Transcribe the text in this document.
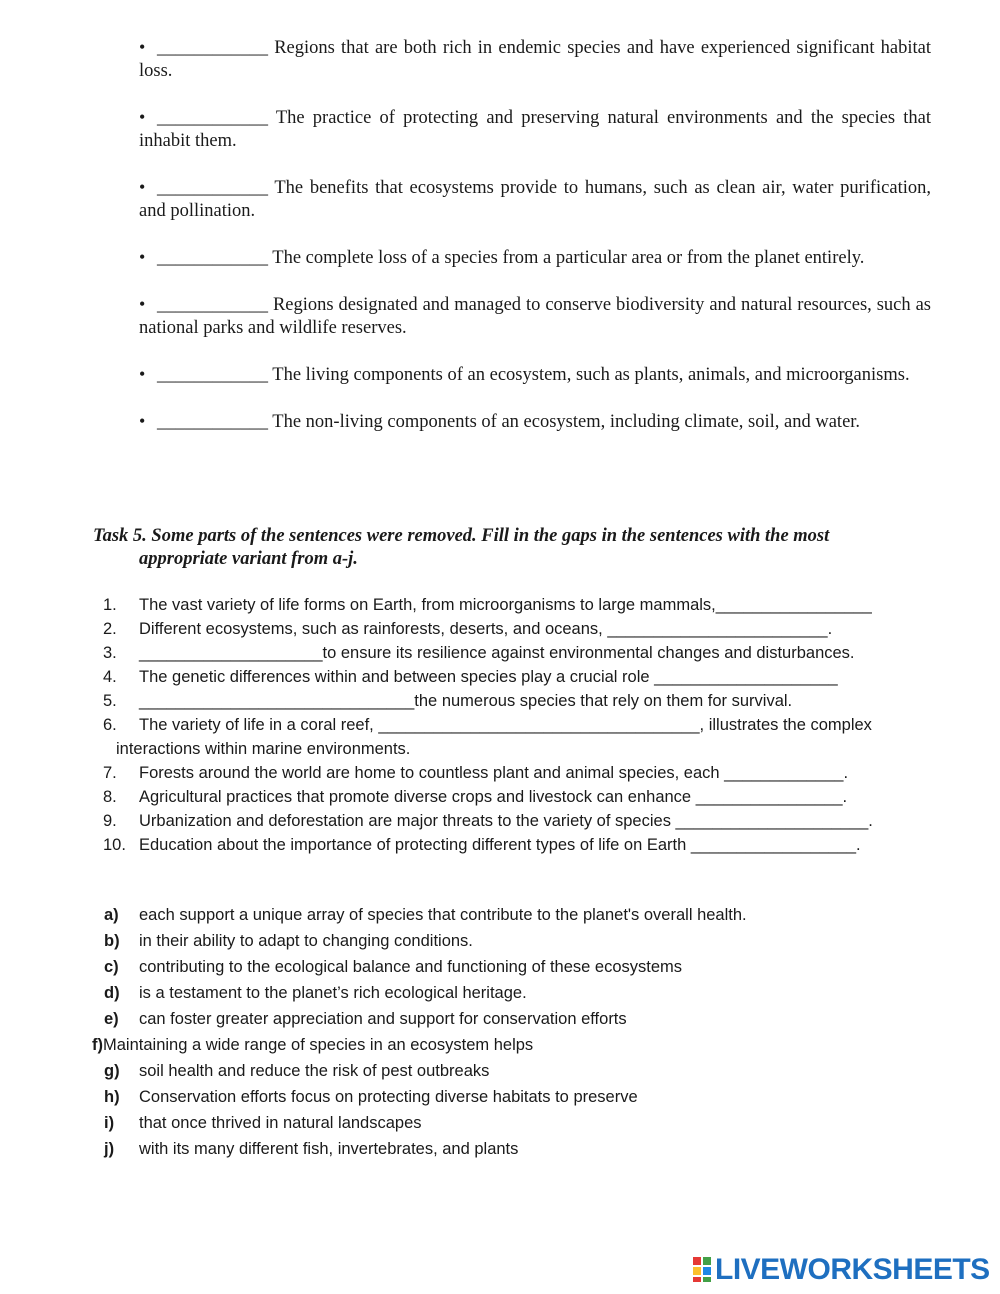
•____________ Regions that are both rich in endemic species and have experienced significant habitat loss.
•____________ The practice of protecting and preserving natural environments and the species that inhabit them.
•____________ The benefits that ecosystems provide to humans, such as clean air, water purification, and pollination.
•____________ The complete loss of a species from a particular area or from the planet entirely.
•____________ Regions designated and managed to conserve biodiversity and natural resources, such as national parks and wildlife reserves.
•____________ The living components of an ecosystem, such as plants, animals, and microorganisms.
•____________ The non-living components of an ecosystem, including climate, soil, and water.
Task 5. Some parts of the sentences were removed. Fill in the gaps in the sentences with the most
appropriate variant from a-j.
1.	The vast variety of life forms on Earth, from microorganisms to large mammals,_________________
2.	Different ecosystems, such as rainforests, deserts, and oceans, ________________________.
3.	____________________to ensure its resilience against environmental changes and disturbances.
4.	The genetic differences within and between species play a crucial role ____________________
5.	______________________________the numerous species that rely on them for survival.
6.	The variety of life in a coral reef, ___________________________________, illustrates the complex
interactions within marine environments.
7.	Forests around the world are home to countless plant and animal species, each _____________.
8.	Agricultural practices that promote diverse crops and livestock can enhance ________________.
9.	Urbanization and deforestation are major threats to the variety of species _____________________.
10. Education about the importance of protecting different types of life on Earth __________________.
a) each support a unique array of species that contribute to the planet's overall health.
b) in their ability to adapt to changing conditions.
c) contributing to the ecological balance and functioning of these ecosystems
d) is a testament to the planet’s rich ecological heritage.
e) can foster greater appreciation and support for conservation efforts
f)Maintaining a wide range of species in an ecosystem helps
g) soil health and reduce the risk of pest outbreaks
h) Conservation efforts focus on protecting diverse habitats to preserve
i) that once thrived in natural landscapes
j) with its many different fish, invertebrates, and plants
LIVEWORKSHEETS
